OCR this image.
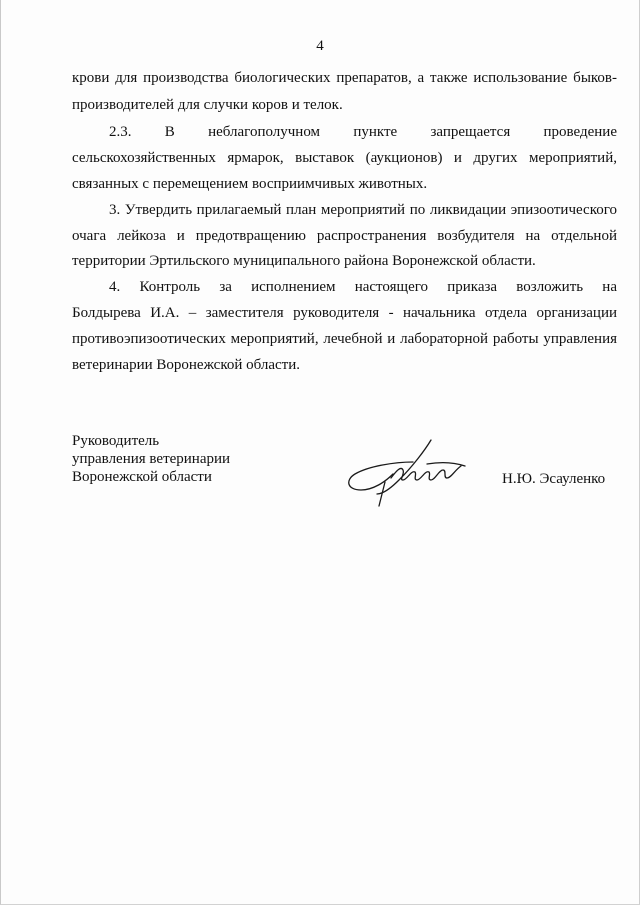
4
крови для производства биологических препаратов, а также использование быков-
производителей для случки коров и телок.
2.3. В неблагополучном пункте запрещается проведение
сельскохозяйственных ярмарок, выставок (аукционов) и других мероприятий,
связанных с перемещением восприимчивых животных.
3. Утвердить прилагаемый план мероприятий по ликвидации эпизоотического
очага лейкоза и предотвращению распространения возбудителя на отдельной
территории Эртильского муниципального района Воронежской области.
4. Контроль за исполнением настоящего приказа возложить на
Болдырева И.А. – заместителя руководителя - начальника отдела организации
противоэпизоотических мероприятий, лечебной и лабораторной работы управления
ветеринарии Воронежской области.
Руководитель
управления ветеринарии
Воронежской области	Н.Ю. Эсауленко
